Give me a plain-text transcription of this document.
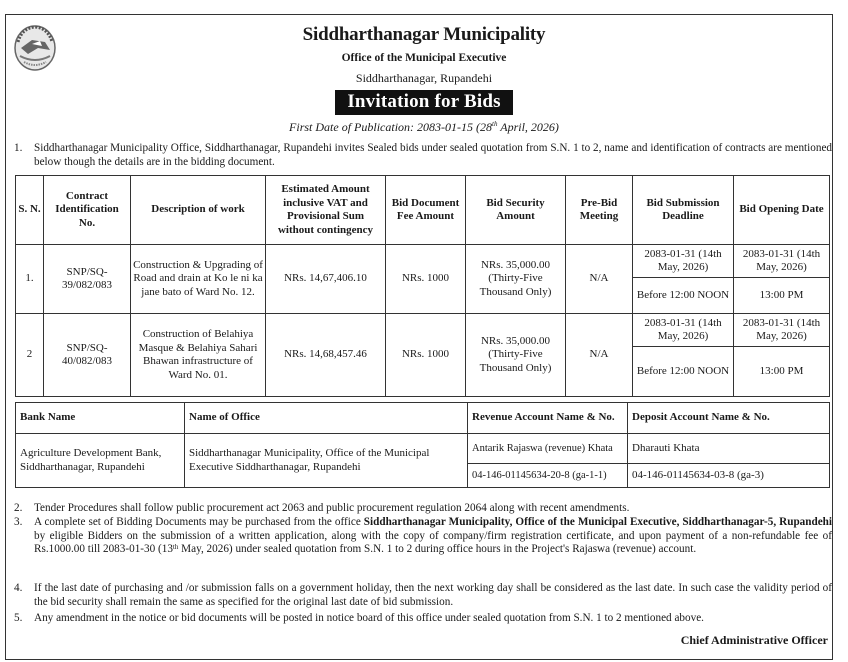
Siddharthanagar Municipality
Office of the Municipal Executive
Siddharthanagar, Rupandehi
Invitation for Bids
First Date of Publication: 2083-01-15 (28th April, 2026)
1. Siddharthanagar Municipality Office, Siddharthanagar, Rupandehi invites Sealed bids under sealed quotation from S.N. 1 to 2, name and identification of contracts are mentioned below though the details are in the bidding document.
S. N.	Contract Identification No.	Description of work	Estimated Amount inclusive VAT and Provisional Sum without contingency	Bid Document Fee Amount	Bid Security Amount	Pre-Bid Meeting	Bid Submission Deadline	Bid Opening Date
1.	SNP/SQ-39/082/083	Construction & Upgrading of Road and drain at Ko le ni ka jane bato of Ward No. 12.	NRs. 14,67,406.10	NRs. 1000	NRs. 35,000.00 (Thirty-Five Thousand Only)	N/A	2083-01-31 (14th May, 2026)	2083-01-31 (14th May, 2026)
							Before 12:00 NOON	13:00 PM
2	SNP/SQ-40/082/083	Construction of Belahiya Masque & Belahiya Sahari Bhawan infrastructure of Ward No. 01.	NRs. 14,68,457.46	NRs. 1000	NRs. 35,000.00 (Thirty-Five Thousand Only)	N/A	2083-01-31 (14th May, 2026)	2083-01-31 (14th May, 2026)
							Before 12:00 NOON	13:00 PM
Bank Name	Name of Office	Revenue Account Name & No.	Deposit Account Name & No.
Agriculture Development Bank, Siddharthanagar, Rupandehi	Siddharthanagar Municipality, Office of the Municipal Executive Siddharthanagar, Rupandehi	Antarik Rajaswa (revenue) Khata	Dharauti Khata
		04-146-01145634-20-8 (ga-1-1)	04-146-01145634-03-8 (ga-3)
2. Tender Procedures shall follow public procurement act 2063 and public procurement regulation 2064 along with recent amendments.
3. A complete set of Bidding Documents may be purchased from the office Siddharthanagar Municipality, Office of the Municipal Executive, Siddharthanagar-5, Rupandehi by eligible Bidders on the submission of a written application, along with the copy of company/firm registration certificate, and upon payment of a non-refundable fee of Rs.1000.00 till 2083-01-30 (13th May, 2026) under sealed quotation from S.N. 1 to 2 during office hours in the Project's Rajaswa (revenue) account.
4. If the last date of purchasing and /or submission falls on a government holiday, then the next working day shall be considered as the last date. In such case the validity period of the bid security shall remain the same as specified for the original last date of bid submission.
5. Any amendment in the notice or bid documents will be posted in notice board of this office under sealed quotation from S.N. 1 to 2 mentioned above.
Chief Administrative Officer
